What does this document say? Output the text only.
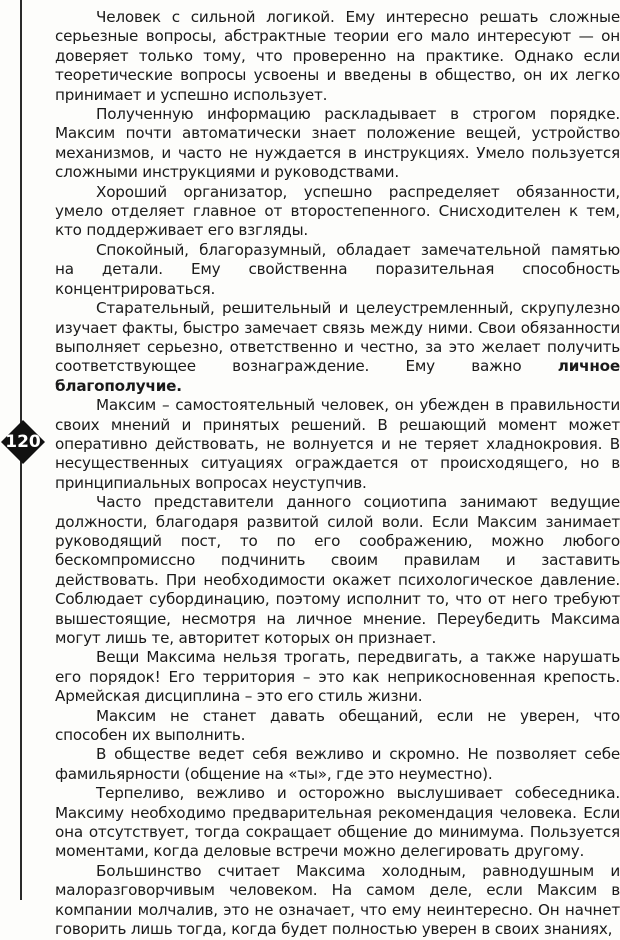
120

Человек с сильной логикой. Ему интересно решать сложные серьезные вопросы, абстрактные теории его мало интересуют — он доверяет только тому, что проверенно на практике. Однако если теоретические вопросы усвоены и введены в общество, он их легко принимает и успешно использует.

Полученную информацию раскладывает в строгом порядке. Максим почти автоматически знает положение вещей, устройство механизмов, и часто не нуждается в инструкциях. Умело пользуется сложными инструкциями и руководствами.

Хороший организатор, успешно распределяет обязанности, умело отделяет главное от второстепенного. Снисходителен к тем, кто поддерживает его взгляды.

Спокойный, благоразумный, обладает замечательной памятью на детали. Ему свойственна поразительная способность концентрироваться.

Старательный, решительный и целеустремленный, скрупулезно изучает факты, быстро замечает связь между ними. Свои обязанности выполняет серьезно, ответственно и честно, за это желает получить соответствующее вознаграждение. Ему важно личное благополучие.

Максим – самостоятельный человек, он убежден в правильности своих мнений и принятых решений. В решающий момент может оперативно действовать, не волнуется и не теряет хладнокровия. В несущественных ситуациях ограждается от происходящего, но в принципиальных вопросах неуступчив.

Часто представители данного социотипа занимают ведущие должности, благодаря развитой силой воли. Если Максим занимает руководящий пост, то по его соображению, можно любого бескомпромиссно подчинить своим правилам и заставить действовать. При необходимости окажет психологическое давление. Соблюдает субординацию, поэтому исполнит то, что от него требуют вышестоящие, несмотря на личное мнение. Переубедить Максима могут лишь те, авторитет которых он признает.

Вещи Максима нельзя трогать, передвигать, а также нарушать его порядок! Его территория – это как неприкосновенная крепость. Армейская дисциплина – это его стиль жизни.

Максим не станет давать обещаний, если не уверен, что способен их выполнить.

В обществе ведет себя вежливо и скромно. Не позволяет себе фамильярности (общение на «ты», где это неуместно).

Терпеливо, вежливо и осторожно выслушивает собеседника. Максиму необходимо предварительная рекомендация человека. Если она отсутствует, тогда сокращает общение до минимума. Пользуется моментами, когда деловые встречи можно делегировать другому.

Большинство считает Максима холодным, равнодушным и малоразговорчивым человеком. На самом деле, если Максим в компании молчалив, это не означает, что ему неинтересно. Он начнет говорить лишь тогда, когда будет полностью уверен в своих знаниях,
